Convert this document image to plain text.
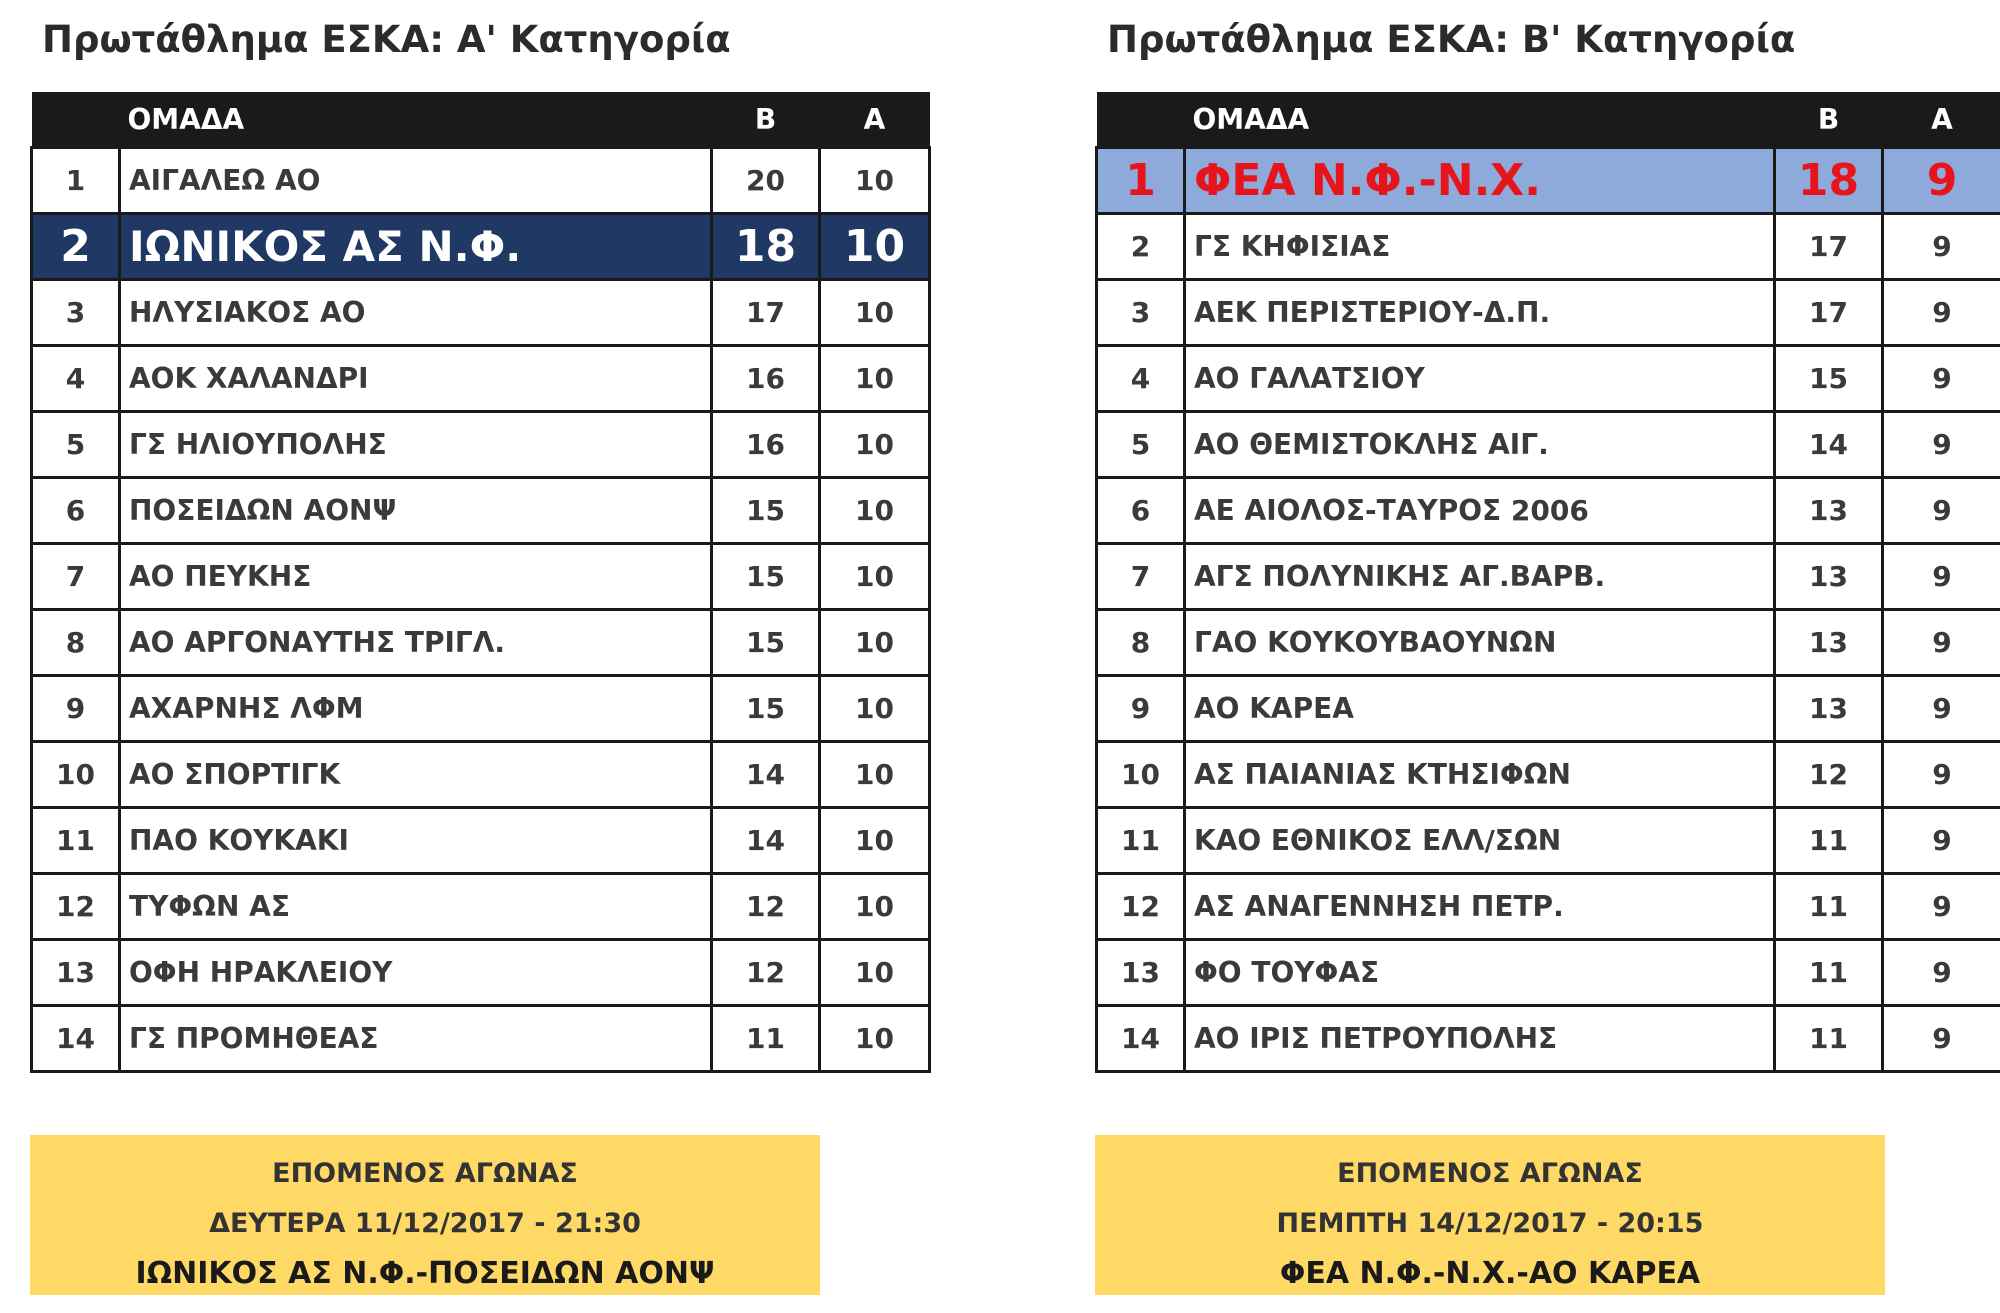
Πρωτάθλημα ΕΣΚΑ: Α' Κατηγορία
	ΟΜΑΔΑ	Β	Α
1	ΑΙΓΑΛΕΩ ΑΟ	20	10
2	ΙΩΝΙΚΟΣ ΑΣ Ν.Φ.	18	10
3	ΗΛΥΣΙΑΚΟΣ ΑΟ	17	10
4	ΑΟΚ ΧΑΛΑΝΔΡΙ	16	10
5	ΓΣ ΗΛΙΟΥΠΟΛΗΣ	16	10
6	ΠΟΣΕΙΔΩΝ ΑΟΝΨ	15	10
7	ΑΟ ΠΕΥΚΗΣ	15	10
8	ΑΟ ΑΡΓΟΝΑΥΤΗΣ ΤΡΙΓΛ.	15	10
9	ΑΧΑΡΝΗΣ ΛΦΜ	15	10
10	ΑΟ ΣΠΟΡΤΙΓΚ	14	10
11	ΠΑΟ ΚΟΥΚΑΚΙ	14	10
12	ΤΥΦΩΝ ΑΣ	12	10
13	ΟΦΗ ΗΡΑΚΛΕΙΟΥ	12	10
14	ΓΣ ΠΡΟΜΗΘΕΑΣ	11	10
ΕΠΟΜΕΝΟΣ ΑΓΩΝΑΣ
ΔΕΥΤΕΡΑ 11/12/2017 - 21:30
ΙΩΝΙΚΟΣ ΑΣ Ν.Φ.-ΠΟΣΕΙΔΩΝ ΑΟΝΨ
Πρωτάθλημα ΕΣΚΑ: Β' Κατηγορία
	ΟΜΑΔΑ	Β	Α
1	ΦΕΑ Ν.Φ.-Ν.Χ.	18	9
2	ΓΣ ΚΗΦΙΣΙΑΣ	17	9
3	ΑΕΚ ΠΕΡΙΣΤΕΡΙΟΥ-Δ.Π.	17	9
4	ΑΟ ΓΑΛΑΤΣΙΟΥ	15	9
5	ΑΟ ΘΕΜΙΣΤΟΚΛΗΣ ΑΙΓ.	14	9
6	ΑΕ ΑΙΟΛΟΣ-ΤΑΥΡΟΣ 2006	13	9
7	ΑΓΣ ΠΟΛΥΝΙΚΗΣ ΑΓ.ΒΑΡΒ.	13	9
8	ΓΑΟ ΚΟΥΚΟΥΒΑΟΥΝΩΝ	13	9
9	ΑΟ ΚΑΡΕΑ	13	9
10	ΑΣ ΠΑΙΑΝΙΑΣ ΚΤΗΣΙΦΩΝ	12	9
11	ΚΑΟ ΕΘΝΙΚΟΣ ΕΛΛ/ΣΩΝ	11	9
12	ΑΣ ΑΝΑΓΕΝΝΗΣΗ ΠΕΤΡ.	11	9
13	ΦΟ ΤΟΥΦΑΣ	11	9
14	ΑΟ ΙΡΙΣ ΠΕΤΡΟΥΠΟΛΗΣ	11	9
ΕΠΟΜΕΝΟΣ ΑΓΩΝΑΣ
ΠΕΜΠΤΗ 14/12/2017 - 20:15
ΦΕΑ Ν.Φ.-Ν.Χ.-ΑΟ ΚΑΡΕΑ
